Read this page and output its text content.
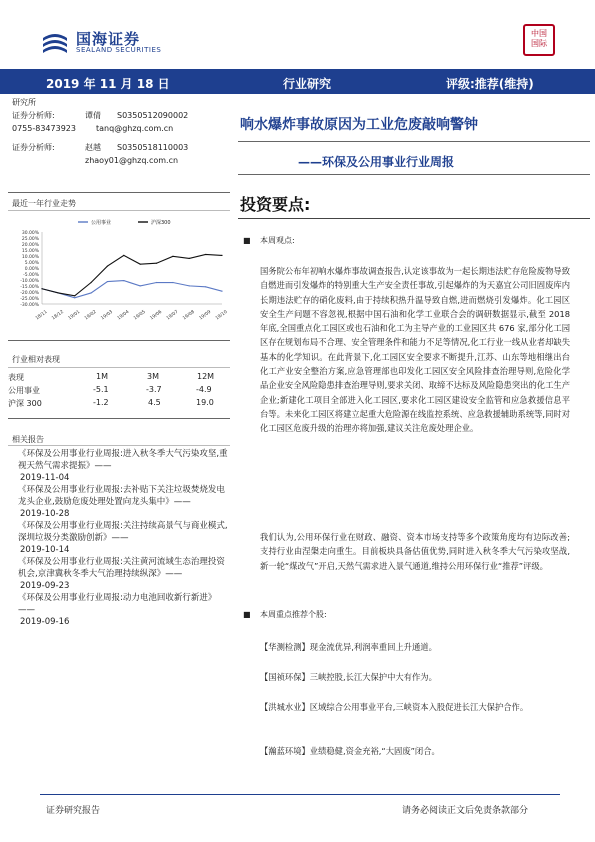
国海证券
SEALAND SECURITIES
中国
国际
2019 年 11 月 18 日	行业研究	评级:推荐(维持)
研究所
证券分析师:	谭倩 S0350512090002
0755-83473923	tanq@ghzq.com.cn
证券分析师:	赵越 S0350518110003
zhaoy01@ghzq.com.cn
响水爆炸事故原因为工业危废敲响警钟
——环保及公用事业行业周报
最近一年行业走势
30.00%
25.00%
20.00%
15.00%
10.00%
5.00%
0.00%
-5.00%
-10.00%
-15.00%
-20.00%
-25.00%
-30.00%
18/11 18/12 19/01 19/02 19/03 19/04 19/05 19/06 19/07 19/08 19/09 19/10
公用事业	沪深300
行业相对表现
表现	1M	3M	12M
公用事业	-5.1	-3.7	-4.9
沪深 300	-1.2	4.5	19.0
相关报告
《环保及公用事业行业周报:进入秋冬季大气污染攻坚,重视天然气需求提振》——
2019-11-04
《环保及公用事业行业周报:去补贴下关注垃圾焚烧发电龙头企业,鼓励危废处理处置向龙头集中》——
2019-10-28
《环保及公用事业行业周报:关注持续高景气与商业模式,深圳垃圾分类激励创新》——
2019-10-14
《环保及公用事业行业周报:关注黄河流域生态治理投资机会,京津冀秋冬季大气治理持续纵深》——
2019-09-23
《环保及公用事业行业周报:动力电池回收新行新进》——
2019-09-16
投资要点:
■ 本周观点:
国务院公布年初响水爆炸事故调查报告,认定该事故为一起长期违法贮存危险废物导致自燃进而引发爆炸的特别重大生产安全责任事故,引起爆炸的为天嘉宜公司旧固废库内长期违法贮存的硝化废料,由于持续积热升温导致自燃,进而燃烧引发爆炸。化工园区安全生产问题不容忽视,根据中国石油和化学工业联合会的调研数据显示,截至 2018 年底,全国重点化工园区或也石油和化工为主导产业的工业园区共 676 家,部分化工园区存在规划布局不合理、安全管理条件和能力不足等情况,化工行业一线从业者却缺失基本的化学知识。在此背景下,化工园区安全要求不断提升,江苏、山东等地相继出台化工产业安全整治方案,应急管理部也印发化工园区安全风险排查治理导则,危险化学品企业安全风险隐患排查治理导则,要求关闭、取缔不达标及风险隐患突出的化工生产企业;新建化工项目全部进入化工园区,要求化工园区建设安全监管和应急救援信息平台等。未来化工园区将建立起重大危险源在线监控系统、应急救援辅助系统等,同时对化工园区危废升级的治理亦将加强,建议关注危废处理企业。
我们认为,公用环保行业在财政、融资、资本市场支持等多个政策角度均有边际改善;支持行业由涅槃走向重生。目前板块具备估值优势,同时进入秋冬季大气污染攻坚战,新一轮“煤改气”开启,天然气需求进入景气通道,维持公用环保行业“推荐”评级。
■ 本周重点推荐个股:
【华测检测】现金流优异,利润率重回上升通道。
【国祯环保】三峡控股,长江大保护中大有作为。
【洪城水业】区域综合公用事业平台,三峡资本入股促进长江大保护合作。
【瀚蓝环境】业绩稳健,资金充裕,“大固废”闭合。
证券研究报告	请务必阅读正文后免责条款部分
